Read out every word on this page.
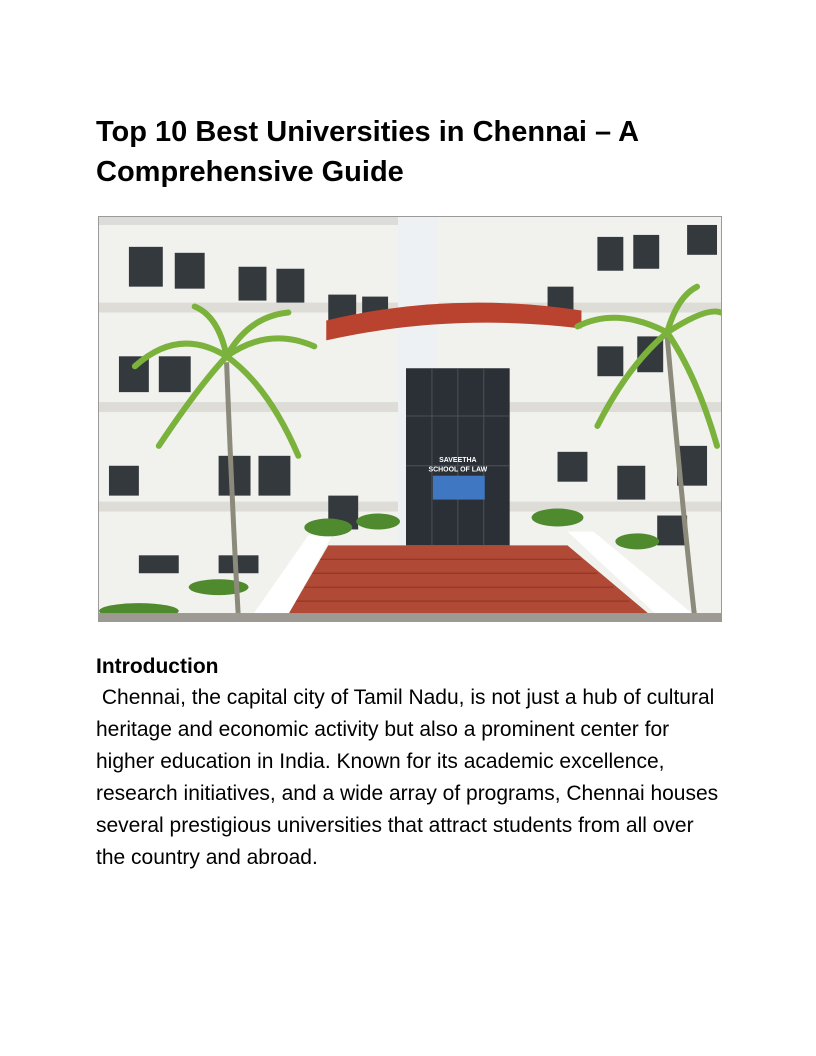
Top 10 Best Universities in Chennai – A Comprehensive Guide
SAVEETHA
SCHOOL OF LAW
Introduction

Chennai, the capital city of Tamil Nadu, is not just a hub of cultural heritage and economic activity but also a prominent center for higher education in India. Known for its academic excellence, research initiatives, and a wide array of programs, Chennai houses several prestigious universities that attract students from all over the country and abroad.
